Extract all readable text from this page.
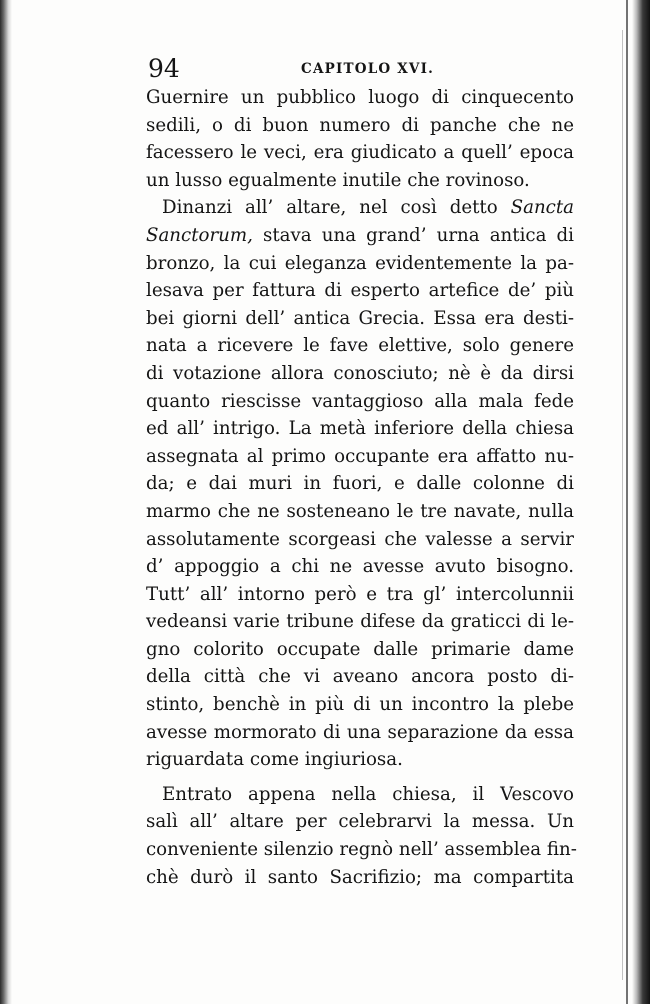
94	CAPITOLO XVI.
Guernire un pubblico luogo di cinquecento
sedili, o di buon numero di panche che ne
facessero le veci, era giudicato a quell’ epoca
un lusso egualmente inutile che rovinoso.
Dinanzi all’ altare, nel così detto Sancta
Sanctorum, stava una grand’ urna antica di
bronzo, la cui eleganza evidentemente la pa-
lesava per fattura di esperto artefice de’ più
bei giorni dell’ antica Grecia. Essa era desti-
nata a ricevere le fave elettive, solo genere
di votazione allora conosciuto; nè è da dirsi
quanto riescisse vantaggioso alla mala fede
ed all’ intrigo. La metà inferiore della chiesa
assegnata al primo occupante era affatto nu-
da; e dai muri in fuori, e dalle colonne di
marmo che ne sosteneano le tre navate, nulla
assolutamente scorgeasi che valesse a servir
d’ appoggio a chi ne avesse avuto bisogno.
Tutt’ all’ intorno però e tra gl’ intercolunnii
vedeansi varie tribune difese da graticci di le-
gno colorito occupate dalle primarie dame
della città che vi aveano ancora posto di-
stinto, benchè in più di un incontro la plebe
avesse mormorato di una separazione da essa
riguardata come ingiuriosa.
Entrato appena nella chiesa, il Vescovo
salì all’ altare per celebrarvi la messa. Un
conveniente silenzio regnò nell’ assemblea fin-
chè durò il santo Sacrifizio; ma compartita
